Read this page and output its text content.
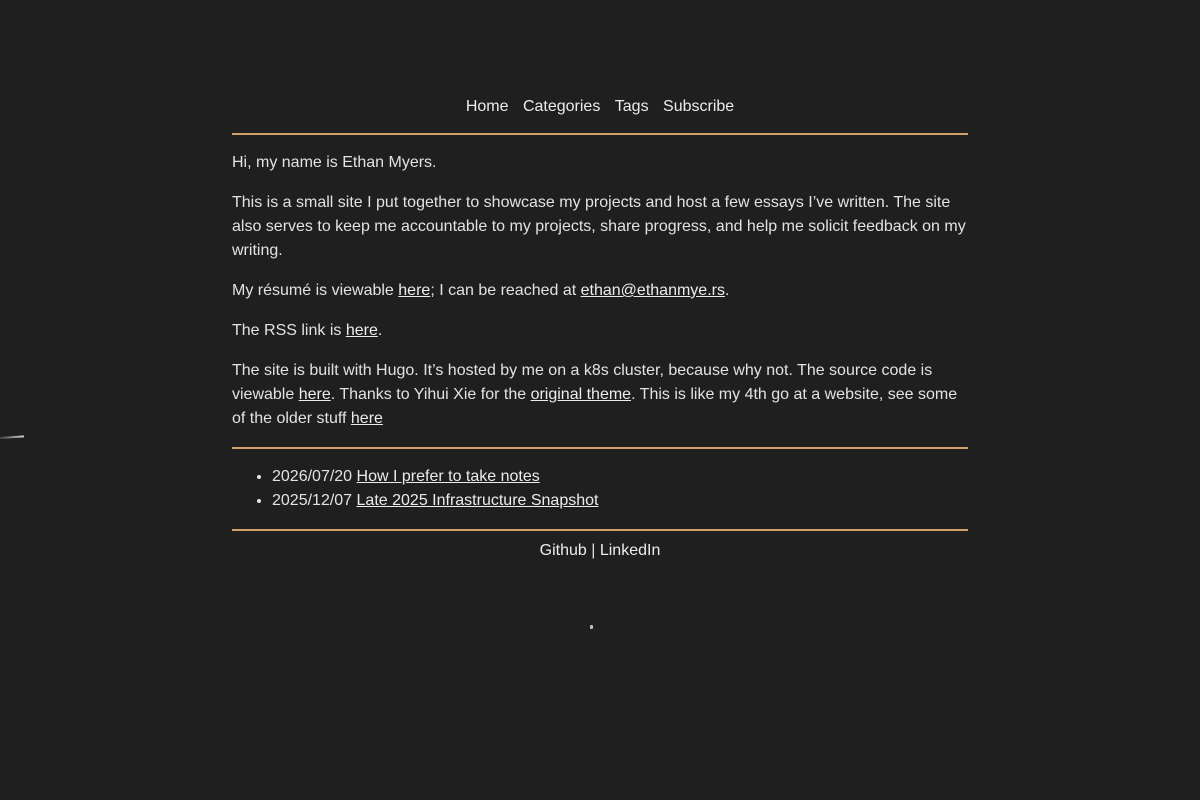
Home Categories Tags Subscribe

Hi, my name is Ethan Myers.

This is a small site I put together to showcase my projects and host a few essays I’ve written. The site also serves to keep me accountable to my projects, share progress, and help me solicit feedback on my writing.

My résumé is viewable here; I can be reached at ethan@ethanmye.rs.

The RSS link is here.

The site is built with Hugo. It’s hosted by me on a k8s cluster, because why not. The source code is viewable here. Thanks to Yihui Xie for the original theme. This is like my 4th go at a website, see some of the older stuff here

• 2026/07/20 How I prefer to take notes
• 2025/12/07 Late 2025 Infrastructure Snapshot
Github | LinkedIn
